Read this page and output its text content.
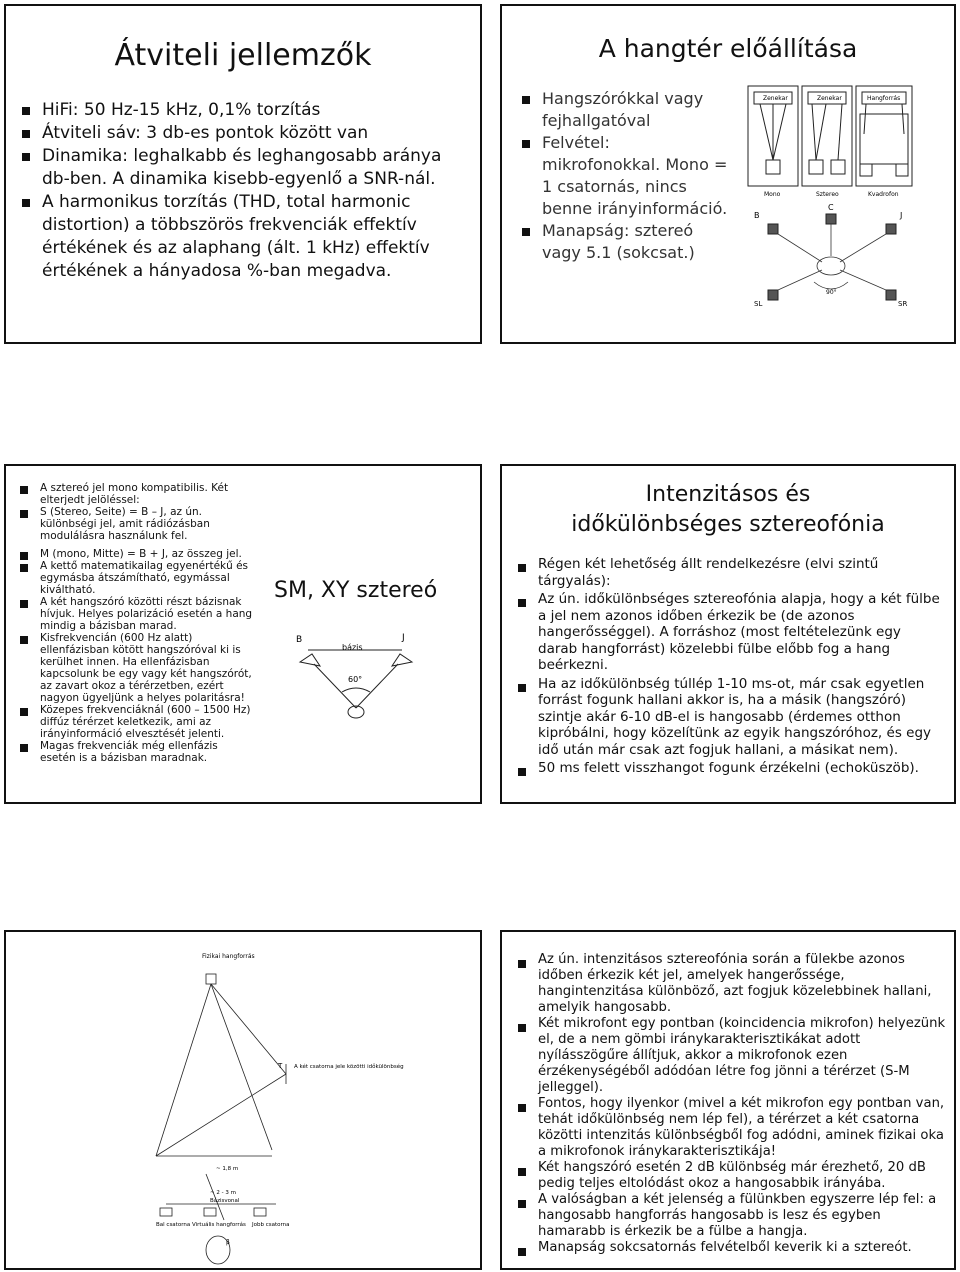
Átviteli jellemzők
HiFi: 50 Hz-15 kHz, 0,1% torzítás
Átviteli sáv: 3 db-es pontok között van
Dinamika: leghalkabb és leghangosabb aránya db-ben. A dinamika kisebb-egyenlő a SNR-nál.
A harmonikus torzítás (THD, total harmonic distortion) a többszörös frekvenciák effektív értékének és az alaphang (ált. 1 kHz) effektív értékének a hányadosa %-ban megadva.
A hangtér előállítása
Hangszórókkal vagy fejhallgatóval
Felvétel: mikrofonokkal. Mono = 1 csatornás, nincs benne irányinformáció.
Manapság: sztereó vagy 5.1 (sokcsat.)
Zenekar	Zenekar	Hangforrás
Mono	Sztereo	Kvadrofon
B
C
J
90°
SL	SR
A sztereó jel mono kompatibilis. Két elterjedt jelöléssel:
S (Stereo, Seite) = B – J, az ún. különbségi jel, amit rádiózásban modulálásra használunk fel.
M (mono, Mitte) = B + J, az összeg jel.
A kettő matematikailag egyenértékű és egymásba átszámítható, egymással kiváltható.
A két hangszóró közötti részt bázisnak hívjuk. Helyes polarizáció esetén a hang mindig a bázisban marad.
Kisfrekvencián (600 Hz alatt) ellenfázisban kötött hangszóróval ki is kerülhet innen. Ha ellenfázisban kapcsolunk be egy vagy két hangszórót, az zavart okoz a térérzetben, ezért nagyon ügyeljünk a helyes polaritásra!
Közepes frekvenciáknál (600 – 1500 Hz) diffúz térérzet keletkezik, ami az irányinformáció elvesztését jelenti.
Magas frekvenciák még ellenfázis esetén is a bázisban maradnak.
SM, XY sztereó
B	J
bázis
60°
Intenzitásos és időkülönbséges sztereofónia
Régen két lehetőség állt rendelkezésre (elvi szintű tárgyalás):
Az ún. időkülönbséges sztereofónia alapja, hogy a két fülbe a jel nem azonos időben érkezik be (de azonos hangerősséggel). A forráshoz (most feltételezünk egy darab hangforrást) közelebbi fülbe előbb fog a hang beérkezni.
Ha az időkülönbség túllép 1-10 ms-ot, már csak egyetlen forrást fogunk hallani akkor is, ha a másik (hangszóró) szintje akár 6-10 dB-el is hangosabb (érdemes otthon kipróbálni, hogy közelítünk az egyik hangszóróhoz, és egy idő után már csak azt fogjuk hallani, a másikat nem).
50 ms felett visszhangot fogunk érzékelni (echoküszöb).
Fizikai hangforrás
T A két csatorna jele közötti időkülönbség
~ 1,8 m
~ 2 - 3 m
Bázisvonal
Bal csatorna Virtuális hangforrás Jobb csatorna
β
Az ún. intenzitásos sztereofónia során a fülekbe azonos időben érkezik két jel, amelyek hangerőssége, hangintenzitása különböző, azt fogjuk közelebbinek hallani, amelyik hangosabb.
Két mikrofont egy pontban (koincidencia mikrofon) helyezünk el, de a nem gömbi iránykarakterisztikákat adott nyílásszögűre állítjuk, akkor a mikrofonok ezen érzékenységéből adódóan létre fog jönni a térérzet (S-M jelleggel).
Fontos, hogy ilyenkor (mivel a két mikrofon egy pontban van, tehát időkülönbség nem lép fel), a térérzet a két csatorna közötti intenzitás különbségből fog adódni, aminek fizikai oka a mikrofonok iránykarakterisztikája!
Két hangszóró esetén 2 dB különbség már érezhető, 20 dB pedig teljes eltolódást okoz a hangosabbik irányába.
A valóságban a két jelenség a fülünkben egyszerre lép fel: a hangosabb hangforrás hangosabb is lesz és egyben hamarabb is érkezik be a fülbe a hangja.
Manapság sokcsatornás felvételből keverik ki a sztereót.
